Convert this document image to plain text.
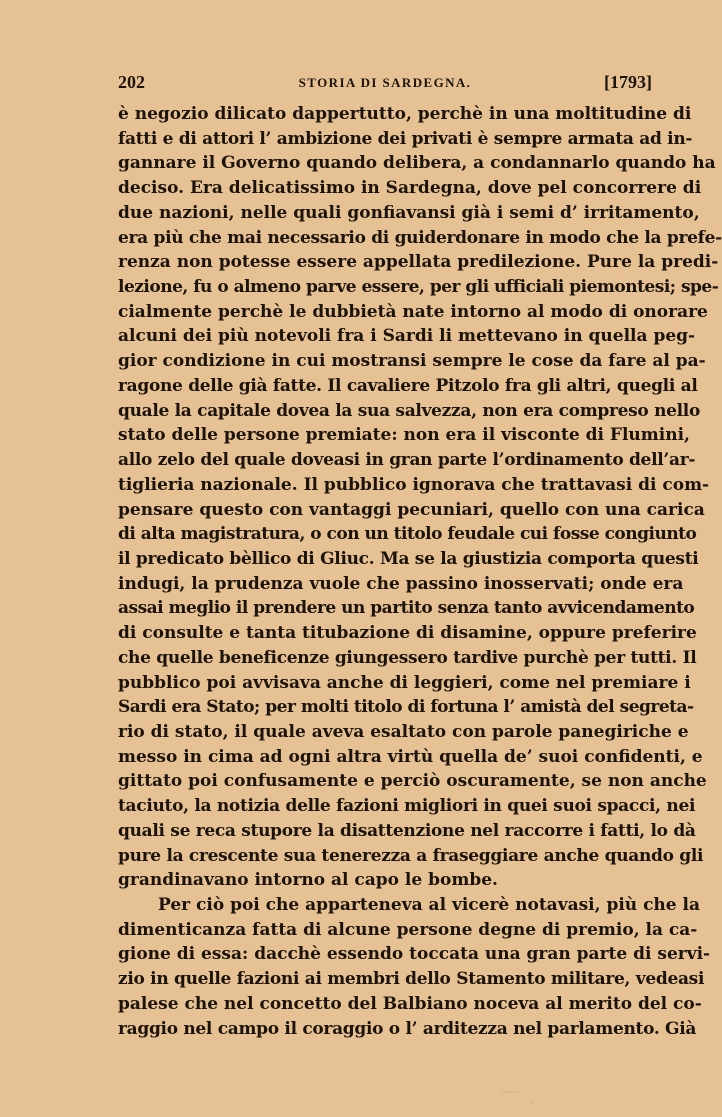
202	STORIA DI SARDEGNA.	[1793]
è negozio dilicato dappertutto, perchè in una moltitudine di
fatti e di attori l’ ambizione dei privati è sempre armata ad in-
gannare il Governo quando delibera, a condannarlo quando ha
deciso. Era delicatissimo in Sardegna, dove pel concorrere di
due nazioni, nelle quali gonfiavansi già i semi d’ irritamento,
era più che mai necessario di guiderdonare in modo che la prefe-
renza non potesse essere appellata predilezione. Pure la predi-
lezione, fu o almeno parve essere, per gli ufficiali piemontesi; spe-
cialmente perchè le dubbietà nate intorno al modo di onorare
alcuni dei più notevoli fra i Sardi li mettevano in quella peg-
gior condizione in cui mostransi sempre le cose da fare al pa-
ragone delle già fatte. Il cavaliere Pitzolo fra gli altri, quegli al
quale la capitale dovea la sua salvezza, non era compreso nello
stato delle persone premiate: non era il visconte di Flumini,
allo zelo del quale doveasi in gran parte l’ordinamento dell’ar-
tiglieria nazionale. Il pubblico ignorava che trattavasi di com-
pensare questo con vantaggi pecuniari, quello con una carica
di alta magistratura, o con un titolo feudale cui fosse congiunto
il predicato bèllico di Gliuc. Ma se la giustizia comporta questi
indugi, la prudenza vuole che passino inosservati; onde era
assai meglio il prendere un partito senza tanto avvicendamento
di consulte e tanta titubazione di disamine, oppure preferire
che quelle beneficenze giungessero tardive purchè per tutti. Il
pubblico poi avvisava anche di leggieri, come nel premiare i
Sardi era Stato; per molti titolo di fortuna l’ amistà del segreta-
rio di stato, il quale aveva esaltato con parole panegiriche e
messo in cima ad ogni altra virtù quella de’ suoi confidenti, e
gittato poi confusamente e perciò oscuramente, se non anche
taciuto, la notizia delle fazioni migliori in quei suoi spacci, nei
quali se reca stupore la disattenzione nel raccorre i fatti, lo dà
pure la crescente sua tenerezza a fraseggiare anche quando gli
grandinavano intorno al capo le bombe.
Per ciò poi che apparteneva al vicerè notavasi, più che la
dimenticanza fatta di alcune persone degne di premio, la ca-
gione di essa: dacchè essendo toccata una gran parte di servi-
zio in quelle fazioni ai membri dello Stamento militare, vedeasi
palese che nel concetto del Balbiano noceva al merito del co-
raggio nel campo il coraggio o l’ arditezza nel parlamento. Già
⌒ ·
